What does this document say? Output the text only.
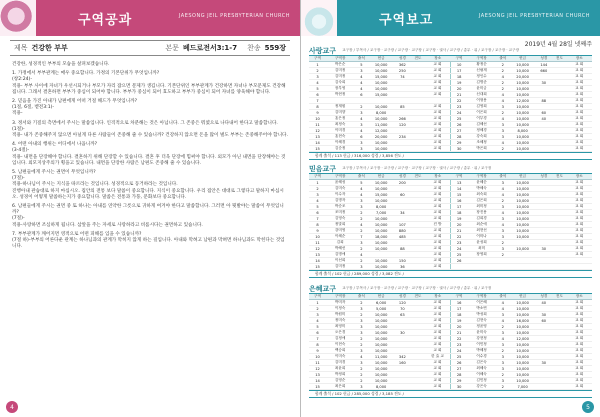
구역공과	JAESONG JEIL PRESBYTERIAN CHURCH
제목 건강한 부부	본문 베드로전서3:1-7 찬송 559장

건강한, 성경적인 부부의 모습을 살펴보겠습니다.

1. 가정에서 부부관계는 매우 중요합니다. 가정의 기본단위가 무엇입니까?

(창2:24)-

적용- 부부 사이에 자녀가 우선시되거나 부모가 자리 잡으면 문제가 생깁니다. 기본단위인 부부관계가 건강하면 자녀나 부모문제도 건강해집니다. 그래서 결혼하면 부부가 중심이 되어야 합니다. 부부가 중심이 되어 효도하고 부부가 중심이 되어 자녀를 양육해야 합니다.

2. 믿음을 가진 아내가 남편에게 어떠 거절 해드가 무엇입니까?

(1절, 6절, 벧전3:1)-

적용-

3. 정서와 기질의 측면에서 주시는 말씀입니다. 인격적으로 차분해는 것은 아닙니다. 그 존중은 뭐였으로 나다내어 한다고 말씀합니다.

(1절)-

적용- 내가 존중해주지 않으면 아닐게 다른 사람들이 존중해 줄 수 있습니까? 건강하지 않으면 돈을 많이 벌도 부부는 존중해주어야 합니다.

4. 어떤 아내의 행위는 어디에서 나옵니까?

(3-4절)-

적용- 내면을 단장해야 합니다. 결혼하기 위해 단장할 수 있습니다. 결혼 후 더욱 단장에 힘써야 합니다. 외모가 아닌 내면을 단장해야는 것입니다. 외모지상주의가 횡을고 있습니다. 내면을 단장한 사람은 남편도 존중해 줄 수 있습니다.

5. 남편들에게 주시는 권면이 무엇입니까?

(7절)-

적용-하나님이 주시는 지식을 따르라는 것입니다. 성경적으로 동거하라는 것입니다.

진행아내 관습대로 하지 마십시오. 집안의 전통 보다 말씀이 중요합니다. 지식이 중요합니다. 우리 집안은 대대로 그렇다고 말하지 마십시오. 성경이 어떻게 말씀하는지가 중요합니다. 말씀은 전통과 가풍, 문화보다 중요합니다.

6. 남편들에게 주시는 권면 중 또 하나는 아내를 연약한 그릇으로 귀하게 여겨야 한다고 말씀합니다. 그러면 아 뭣발야는 말씀이 무엇입니까?

(7절)-

적용-사랑하면 조심하게 됩니다. 삼앞을 주는 자세로 사랑하라고 비롭시다는 권면하고 있습니다.

7. 부부관계가 깨어지면 영적으로 어떤 피해를 입을 수 있습니까?

(7절 하)-부부의 어른다운 관계는 하나님과의 관계가 막히지 않게 하는 길입니다. 아내와 막혀고 남편과 막혀면 하나님과도 막힌다는 것입니다.

4
구역보고	JAESONG JEIL PRESBYTERIAN CHURCH
2019년 4월 28일 넷째주
사랑교구 교구장 / 부목사 / 교구장 · 교구장 / 교구장 · 교구장 / 교구장 · 권사 / 교구장 / 총무 · 위 / 교구장 / 교구장 · 교구장
구역	구역장	출석	헌금	성경	전도	장소	구역	구역장	출석	헌금	성경	전도	장소
1	박은순	5	10,000	362		교 회	10	황정순	2	10,000	144		교 회
2	김미정	3	10,000	250		교 회	17	신필재	2	10,000	660		교 회
3	김미정	4	15,000	74		교 회	18	정인수	4	20,000			교 회
4	김숙희	4	10,000			교 회	19	김명준	2	10,000	30		교 회
5	장부영	4	10,000			교 회	20	윤미금	2	10,000			교 회
6	박현정	6	15,000			교 회	21	신대희	4	10,000			교 회
7							22	이형용	4	12,000	88		교 회
8	정재원	2	10,000	85		교 회	23	김영희	3	10,000			교 회
9	김미향	3	8,000			교 회	24	이은희	2	10,000	60		교 회
10	홍은정	4	10,000	266		교 회	25	이부경	4	10,000	40		교 회
11	최정숙	3	11,000	120		교 회	26	김혜선	3	10,000			교 회
12	이미경	4	12,000			교 회	27	정혜경	3	8,000			교 회
13	홍현숙	6	20,000	234		교 회	28	강숙희	3	10,000			교 회
14	이혜경	3	10,000			교 회	29	조혜정	4	10,000			교 회
15	김순정	3	10,000			교 회	30	박은희	2	10,000			교 회
합계 출석 / 113 헌금 / 316,000 성경 / 3,856 전도 /
믿음교구 교구장 / 부목사 / 교구장 · 교구장 / 교구장 · 교구장 / 교구장 · 권사 / 교구장 / 총무 · 위 / 교구장
구역	구역장	출석	헌금	성경	전도	장소	구역	구역장	출석	헌금	성경	전도	장소
1	윤혜성	5	10,000	200		교 회	13	윤혜순	3	10,000			교 회
2	김미숙	4	10,000			교 회	14	박혜숙	4	10,000			교 회
3	이수자	4	15,000	60		교 회	15	최숙희	4	10,000			교 회
4	김명자	3	10,000			교 회	16	김은희	2	10,000			교 회
5	박순조	3	8,000			교 회	17	최미정	3	10,000			교 회
6	조미정	2	7,000	34		교 회	18	장진용	4	10,000			교 회
7	김영숙	2	10,000			교 회	19	김희경	3	10,000			교 회
8	정말희	4	10,000	107		진 방	20	최순애	4	10,000			교 회
9	강미영	2	10,000	880		교 회	21	최현선	3	10,000			교 회
10	이혜순	7	18,000	485		교 회	22	이미나	3	10,000			교 회
11	김희	3	10,000			교 회	23	윤성희	2				교 회
12	박혜선	2	10,000	88		교 회	24	최미	3	10,000	30		교 회
13	김명애	4				교 회	25	장영희	2				교 회
14	이선희	2	10,000	150		교 회	26						
15	김미정	3	10,000	36		교 회							
합계 출석 / 102 헌금 / 289,000 성경 / 3,082 전도 /
은혜교구 교구장 / 부목사 / 교구장 · 교구장 / 교구장 · 교구장 / 교구장 · 권사 / 교구장 / 총무 · 위 / 교구장
구역	구역장	출석	헌금	성경	전도	장소	구역	구역장	출석	헌금	성경	전도	장소
1	박미자	2	6,000	120		교 회	16	이은혜	4	10,000	40		교 회
2	이정숙	3	5,000	70		교 회	17	박소연	4	10,000			교 회
3	박원미	2	10,000	63		교 회	18	박성희	3	10,000	30		교 회
4	정미숙	3	10,000			교 회	19	김현숙	4	16,000	60		교 회
5	최영미	3	10,000			교 회	20	정윤영	2	10,000			교 회
6	오은경	3	10,000	30		교 회	21	윤미숙	3	10,000			교 회
7	김정애	2	10,000			교 회	22	강현정	4	12,000			교 회
8	이현숙	2	10,000			교 회	23	이민정	3	10,000			교 회
9	백승희	3	10,000			교 회	24	박혜정	2	10,000			교 회
10	이미숙	4	11,000	342		한 효 교	25	이수경	3	10,000			교 회
11	김미경	3	10,000	160		교 회	26	김은숙	3	10,000	30		교 회
12	최윤희	2	10,000			교 회	27	최혜숙	3	10,000			교 회
13	박정희	2	10,000			교 회	28	이혜숙	2	10,000			교 회
14	김영순	2	10,000			교 회	29	김민정	3	10,000			교 회
15	최은희	3	8,000			교 회	30	강은숙	2	7,000			교 회
합계 출석 / 102 헌금 / 285,000 성경 / 3,185 전도 /
5
